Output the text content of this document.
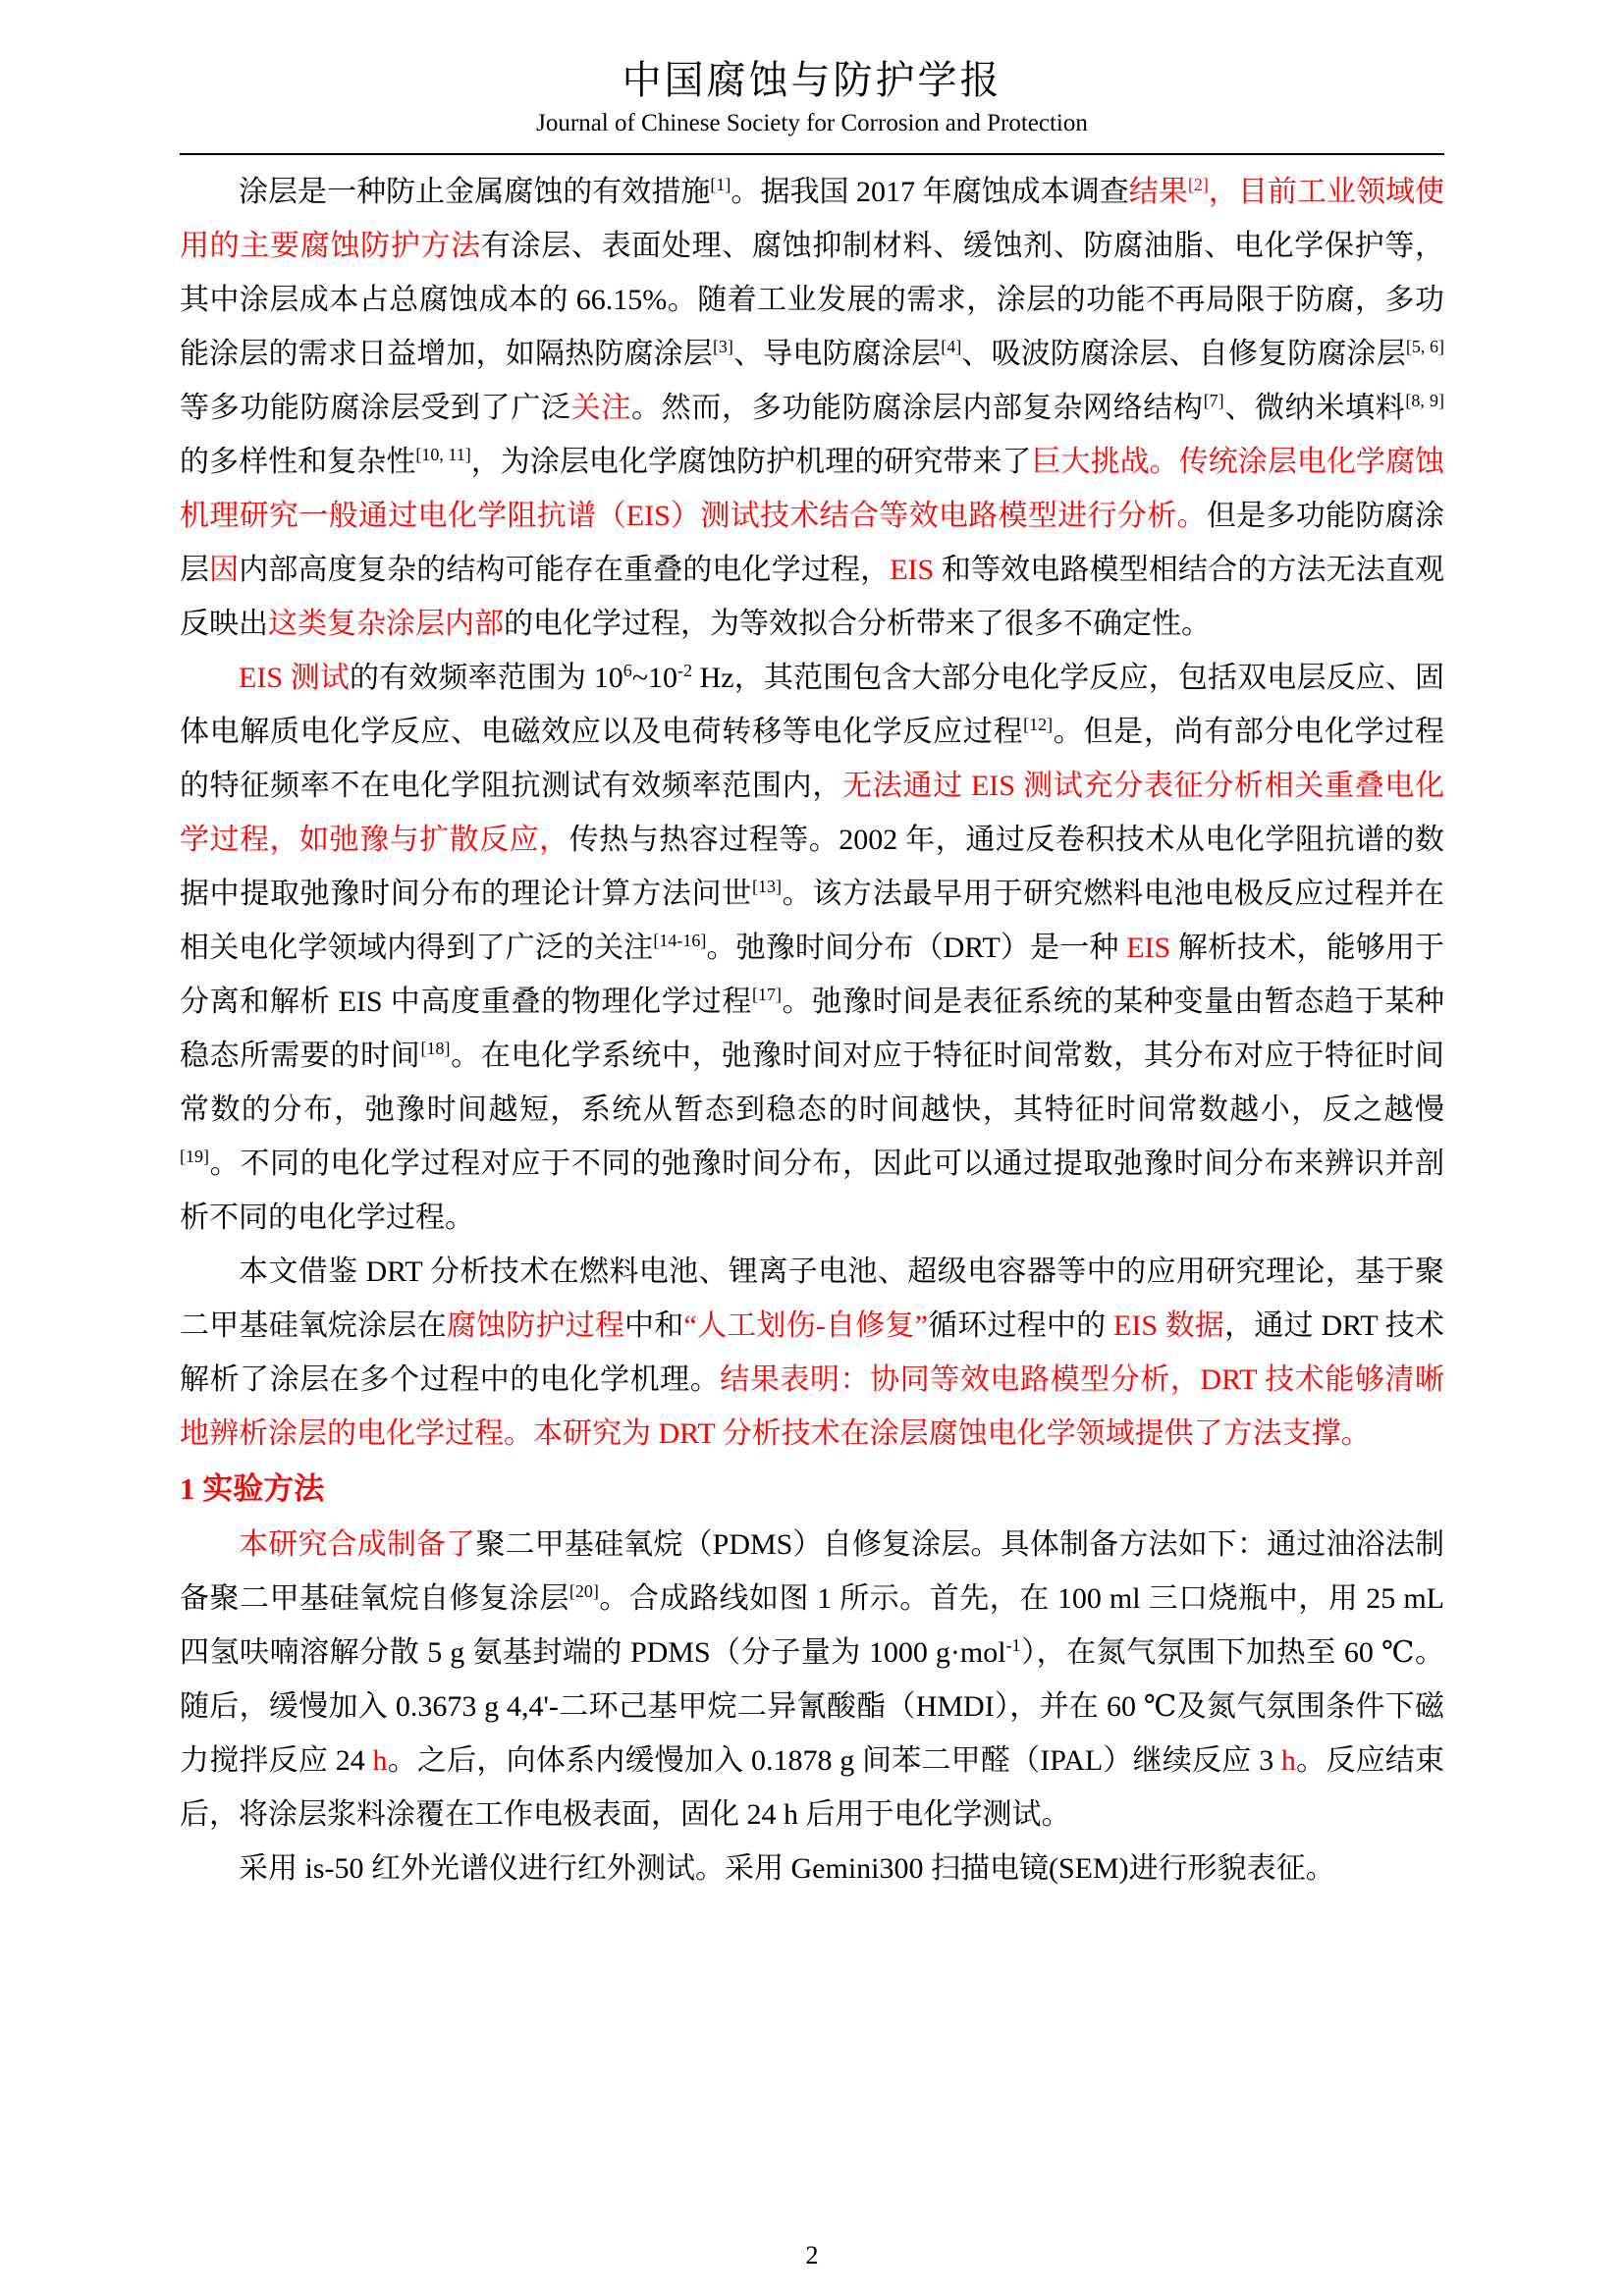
中国腐蚀与防护学报
Journal of Chinese Society for Corrosion and Protection

涂层是一种防止金属腐蚀的有效措施[1]。据我国 2017 年腐蚀成本调查结果[2]，目前工业领域使用的主要腐蚀防护方法有涂层、表面处理、腐蚀抑制材料、缓蚀剂、防腐油脂、电化学保护等，其中涂层成本占总腐蚀成本的 66.15%。随着工业发展的需求，涂层的功能不再局限于防腐，多功能涂层的需求日益增加，如隔热防腐涂层[3]、导电防腐涂层[4]、吸波防腐涂层、自修复防腐涂层[5, 6]等多功能防腐涂层受到了广泛关注。然而，多功能防腐涂层内部复杂网络结构[7]、微纳米填料[8, 9]的多样性和复杂性[10, 11]，为涂层电化学腐蚀防护机理的研究带来了巨大挑战。传统涂层电化学腐蚀机理研究一般通过电化学阻抗谱（EIS）测试技术结合等效电路模型进行分析。但是多功能防腐涂层因内部高度复杂的结构可能存在重叠的电化学过程，EIS 和等效电路模型相结合的方法无法直观反映出这类复杂涂层内部的电化学过程，为等效拟合分析带来了很多不确定性。

EIS 测试的有效频率范围为 $10^6\sim 10^{-2}$ Hz，其范围包含大部分电化学反应，包括双电层反应、固体电解质电化学反应、电磁效应以及电荷转移等电化学反应过程[12]。但是，尚有部分电化学过程的特征频率不在电化学阻抗测试有效频率范围内，无法通过 EIS 测试充分表征分析相关重叠电化学过程，如弛豫与扩散反应，传热与热容过程等。2002 年，通过反卷积技术从电化学阻抗谱的数据中提取弛豫时间分布的理论计算方法问世[13]。该方法最早用于研究燃料电池电极反应过程并在相关电化学领域内得到了广泛的关注[14-16]。弛豫时间分布（DRT）是一种 EIS 解析技术，能够用于分离和解析 EIS 中高度重叠的物理化学过程[17]。弛豫时间是表征系统的某种变量由暂态趋于某种稳态所需要的时间[18]。在电化学系统中，弛豫时间对应于特征时间常数，其分布对应于特征时间常数的分布，弛豫时间越短，系统从暂态到稳态的时间越快，其特征时间常数越小，反之越慢[19]。不同的电化学过程对应于不同的弛豫时间分布，因此可以通过提取弛豫时间分布来辨识并剖析不同的电化学过程。

本文借鉴 DRT 分析技术在燃料电池、锂离子电池、超级电容器等中的应用研究理论，基于聚二甲基硅氧烷涂层在腐蚀防护过程中和“人工划伤-自修复”循环过程中的 EIS 数据，通过 DRT 技术解析了涂层在多个过程中的电化学机理。结果表明：协同等效电路模型分析，DRT 技术能够清晰地辨析涂层的电化学过程。本研究为 DRT 分析技术在涂层腐蚀电化学领域提供了方法支撑。

1 实验方法

本研究合成制备了聚二甲基硅氧烷（PDMS）自修复涂层。具体制备方法如下：通过油浴法制备聚二甲基硅氧烷自修复涂层[20]。合成路线如图 1 所示。首先，在 100 ml 三口烧瓶中，用 25 mL 四氢呋喃溶解分散 5 g 氨基封端的 PDMS（分子量为 1000 g·mol$^{-1}$），在氮气氛围下加热至 60 ℃。随后，缓慢加入 0.3673 g 4,4'-二环己基甲烷二异氰酸酯（HMDI），并在 60 ℃及氮气氛围条件下磁力搅拌反应 24 h。之后，向体系内缓慢加入 0.1878 g 间苯二甲醛（IPAL）继续反应 3 h。反应结束后，将涂层浆料涂覆在工作电极表面，固化 24 h 后用于电化学测试。

采用 is-50 红外光谱仪进行红外测试。采用 Gemini300 扫描电镜(SEM)进行形貌表征。

2
